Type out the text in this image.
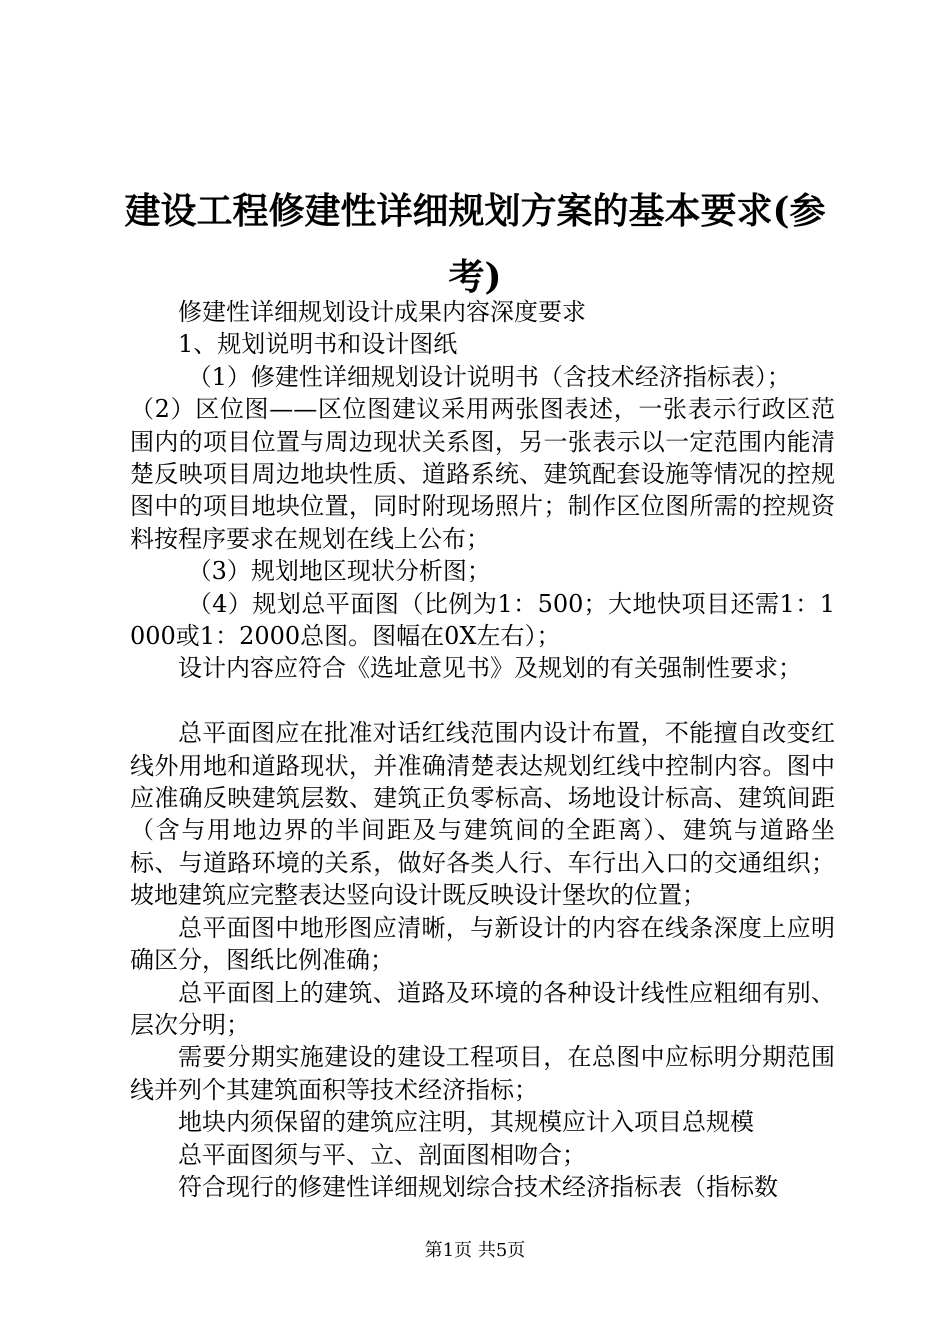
建设工程修建性详细规划方案的基本要求(参考)

修建性详细规划设计成果内容深度要求

1、规划说明书和设计图纸

（1）修建性详细规划设计说明书（含技术经济指标表）；

（2）区位图——区位图建议采用两张图表述，一张表示行政区范围内的项目位置与周边现状关系图，另一张表示以一定范围内能清楚反映项目周边地块性质、道路系统、建筑配套设施等情况的控规图中的项目地块位置，同时附现场照片；制作区位图所需的控规资料按程序要求在规划在线上公布；

（3）规划地区现状分析图；

（4）规划总平面图（比例为1：500；大地快项目还需1：1000或1：2000总图。图幅在0X左右）；

设计内容应符合《选址意见书》及规划的有关强制性要求；

总平面图应在批准对话红线范围内设计布置，不能擅自改变红线外用地和道路现状，并准确清楚表达规划红线中控制内容。图中应准确反映建筑层数、建筑正负零标高、场地设计标高、建筑间距（含与用地边界的半间距及与建筑间的全距离）、建筑与道路坐标、与道路环境的关系，做好各类人行、车行出入口的交通组织；坡地建筑应完整表达竖向设计既反映设计堡坎的位置；

总平面图中地形图应清晰，与新设计的内容在线条深度上应明确区分，图纸比例准确；

总平面图上的建筑、道路及环境的各种设计线性应粗细有别、层次分明；

需要分期实施建设的建设工程项目，在总图中应标明分期范围线并列个其建筑面积等技术经济指标；

地块内须保留的建筑应注明，其规模应计入项目总规模

总平面图须与平、立、剖面图相吻合；

符合现行的修建性详细规划综合技术经济指标表（指标数

第1页 共5页
